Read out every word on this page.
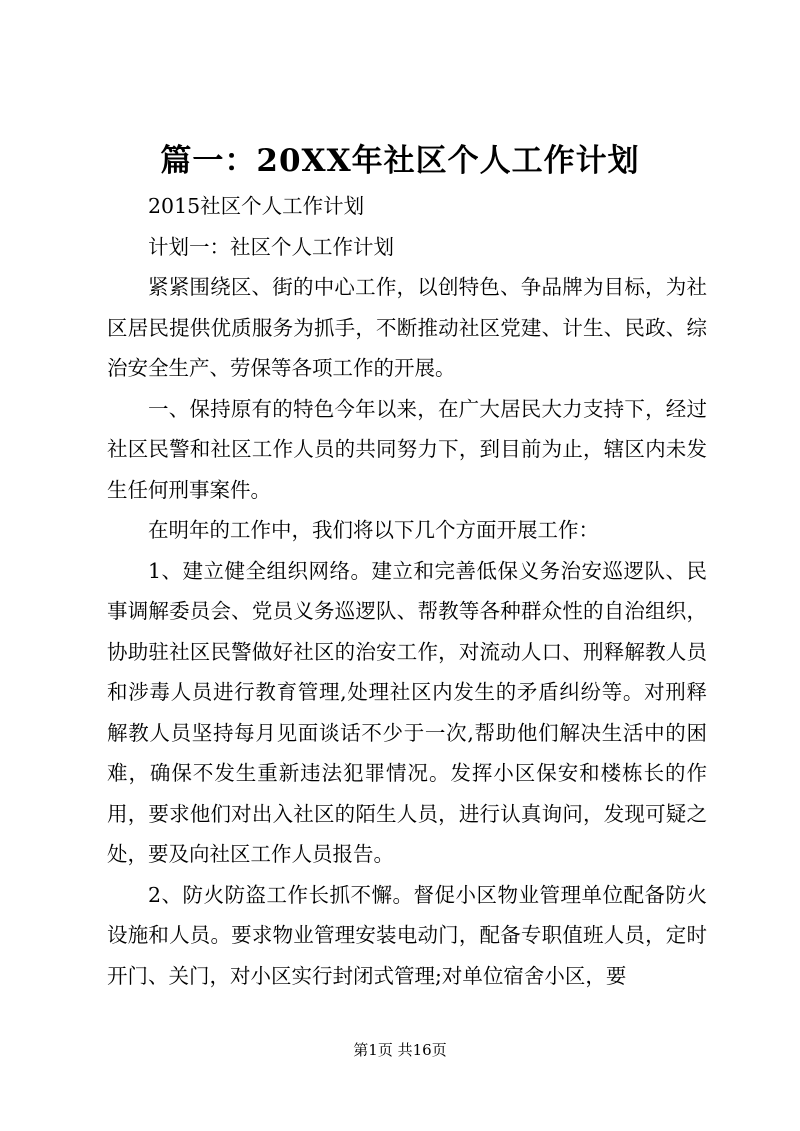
篇一：20XX年社区个人工作计划

2015社区个人工作计划

计划一：社区个人工作计划

紧紧围绕区、街的中心工作，以创特色、争品牌为目标，为社区居民提供优质服务为抓手，不断推动社区党建、计生、民政、综治安全生产、劳保等各项工作的开展。

一、保持原有的特色今年以来，在广大居民大力支持下，经过社区民警和社区工作人员的共同努力下，到目前为止，辖区内未发生任何刑事案件。

在明年的工作中，我们将以下几个方面开展工作：

1、建立健全组织网络。建立和完善低保义务治安巡逻队、民事调解委员会、党员义务巡逻队、帮教等各种群众性的自治组织，协助驻社区民警做好社区的治安工作，对流动人口、刑释解教人员和涉毒人员进行教育管理,处理社区内发生的矛盾纠纷等。对刑释解教人员坚持每月见面谈话不少于一次,帮助他们解决生活中的困难，确保不发生重新违法犯罪情况。发挥小区保安和楼栋长的作用，要求他们对出入社区的陌生人员，进行认真询问，发现可疑之处，要及向社区工作人员报告。

2、防火防盗工作长抓不懈。督促小区物业管理单位配备防火设施和人员。要求物业管理安装电动门，配备专职值班人员，定时开门、关门，对小区实行封闭式管理;对单位宿舍小区，要

第1页 共16页
